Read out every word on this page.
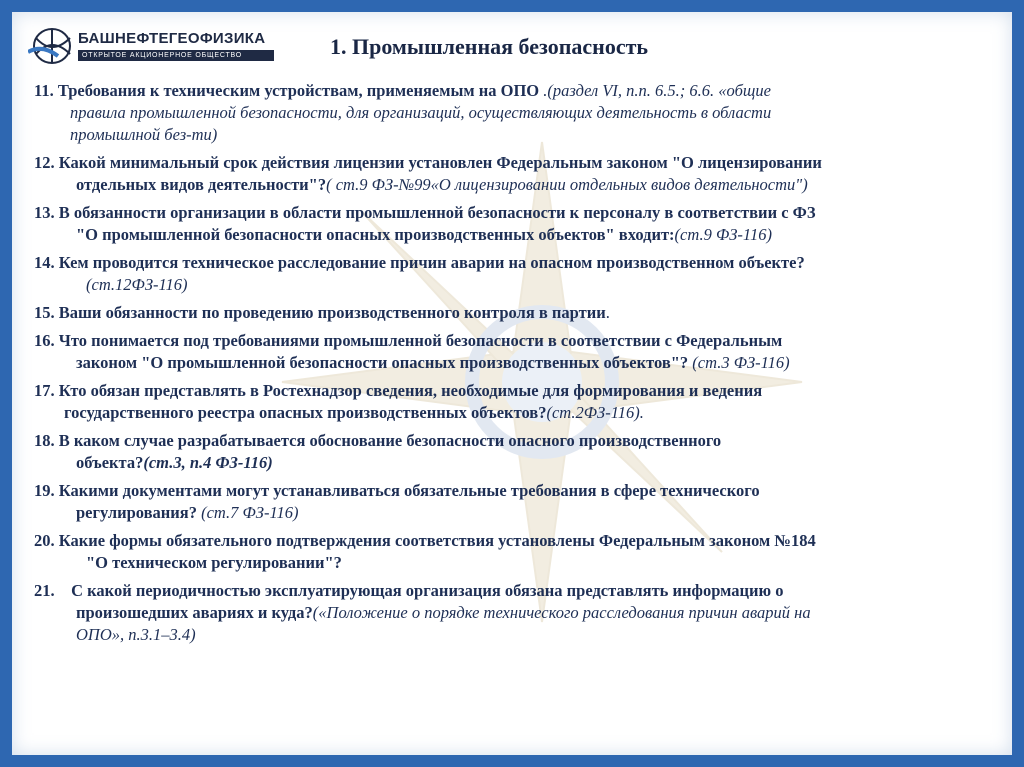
БАШНЕФТЕГЕОФИЗИКА
ОТКРЫТОЕ АКЦИОНЕРНОЕ ОБЩЕСТВО	1. Промышленная безопасность
11. Требования к техническим устройствам, применяемым на ОПО .(раздел VI, п.п. 6.5.; 6.6. «общие
правила промышленной безопасности, для организаций, осуществляющих деятельность в области
промышлной без-ти)
12. Какой минимальный срок действия лицензии установлен Федеральным законом "О лицензировании
отдельных видов деятельности"?( ст.9 ФЗ-№99«О лицензировании отдельных видов деятельности")
13. В обязанности организации в области промышленной безопасности к персоналу в соответствии с ФЗ
"О промышленной безопасности опасных производственных объектов" входит:(ст.9 ФЗ-116)
14. Кем проводится техническое расследование причин аварии на опасном производственном объекте?
(ст.12ФЗ-116)
15. Ваши обязанности по проведению производственного контроля в партии.
16. Что понимается под требованиями промышленной безопасности в соответствии с Федеральным
законом "О промышленной безопасности опасных производственных объектов"? (ст.3 ФЗ-116)
17. Кто обязан представлять в Ростехнадзор сведения, необходимые для формирования и ведения
государственного реестра опасных производственных объектов?(ст.2ФЗ-116).
18. В каком случае разрабатывается обоснование безопасности опасного производственного
объекта?(ст.3, п.4 ФЗ-116)
19. Какими документами могут устанавливаться обязательные требования в сфере технического
регулирования? (ст.7 ФЗ-116)
20. Какие формы обязательного подтверждения соответствия установлены Федеральным законом №184
"О техническом регулировании"?
21.    С какой периодичностью эксплуатирующая организация обязана представлять информацию о
произошедших авариях и куда?(«Положение о порядке технического расследования причин аварий на
ОПО», п.3.1–3.4)
